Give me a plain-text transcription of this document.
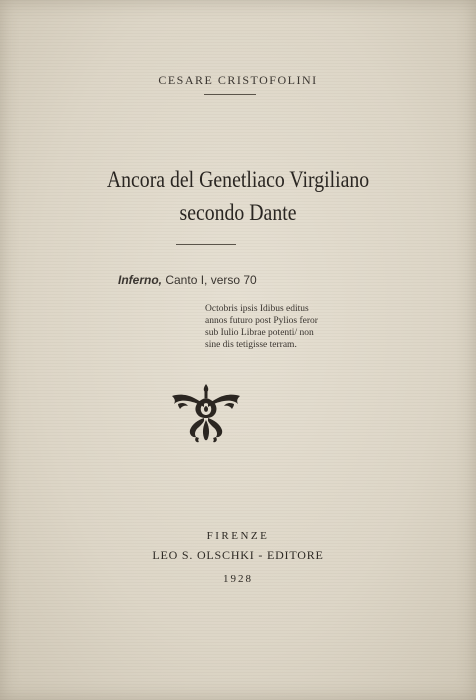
CESARE CRISTOFOLINI
Ancora del Genetliaco Virgiliano
secondo Dante
Inferno, Canto I, verso 70
Octobris ipsis Idibus editus
annos futuro post Pylios feror
sub Iulio Librae potenti/ non
sine dis tetigisse terram.
FIRENZE
LEO S. OLSCHKI - EDITORE
1928
